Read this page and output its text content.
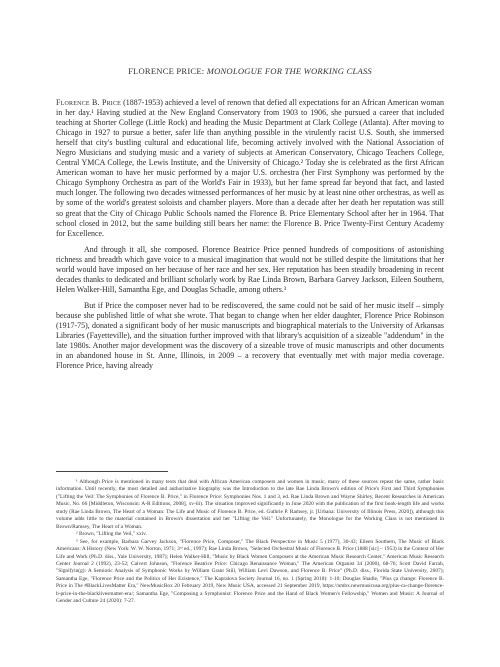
FLORENCE PRICE: MONOLOGUE FOR THE WORKING CLASS

Florence B. Price (1887-1953) achieved a level of renown that defied all expectations for an African American woman in her day.¹ Having studied at the New England Conservatory from 1903 to 1906, she pursued a career that included teaching at Shorter College (Little Rock) and heading the Music Department at Clark College (Atlanta). After moving to Chicago in 1927 to pursue a better, safer life than anything possible in the virulently racist U.S. South, she immersed herself that city's bustling cultural and educational life, becoming actively involved with the National Association of Negro Musicians and studying music and a variety of subjects at American Conservatory, Chicago Teachers College, Central YMCA College, the Lewis Institute, and the University of Chicago.² Today she is celebrated as the first African American woman to have her music performed by a major U.S. orchestra (her First Symphony was performed by the Chicago Symphony Orchestra as part of the World's Fair in 1933), but her fame spread far beyond that fact, and lasted much longer. The following two decades witnessed performances of her music by at least nine other orchestras, as well as by some of the world's greatest soloists and chamber players. More than a decade after her death her reputation was still so great that the City of Chicago Public Schools named the Florence B. Price Elementary School after her in 1964. That school closed in 2012, but the same building still bears her name: the Florence B. Price Twenty-First Century Academy for Excellence.

And through it all, she composed. Florence Beatrice Price penned hundreds of compositions of astonishing richness and breadth which gave voice to a musical imagination that would not be stilled despite the limitations that her world would have imposed on her because of her race and her sex. Her reputation has been steadily broadening in recent decades thanks to dedicated and brilliant scholarly work by Rae Linda Brown, Barbara Garvey Jackson, Eileen Southern, Helen Walker-Hill, Samantha Ege, and Douglas Schadle, among others.³

But if Price the composer never had to be rediscovered, the same could not be said of her music itself – simply because she published little of what she wrote. That began to change when her elder daughter, Florence Price Robinson (1917-75), donated a significant body of her music manuscripts and biographical materials to the University of Arkansas Libraries (Fayetteville), and the situation further improved with that library's acquisition of a sizeable "addendum" in the late 1980s. Another major development was the discovery of a sizeable trove of music manuscripts and other documents in an abandoned house in St. Anne, Illinois, in 2009 – a recovery that eventually met with major media coverage. Florence Price, having already

¹ Although Price is mentioned in many texts that deal with African American composers and women in music, many of these sources repeat the same, rather basic information. Until recently, the most detailed and authoritative biography was the Introduction to the late Rae Linda Brown's edition of Price's First and Third Symphonies ("Lifting the Veil: The Symphonies of Florence B. Price," in Florence Price: Symphonies Nos. 1 and 3, ed. Rae Linda Brown and Wayne Shirley, Recent Researches in American Music, No. 66 [Middleton, Wisconsin: A-R Editions, 2008], xv-lii). The situation improved significantly in June 2020 with the publication of the first book-length life and works study (Rae Linda Brown, The Heart of a Woman: The Life and Music of Florence B. Price, ed. Guthrie P. Ramsey, jr. [Urbana: University of Illinois Press, 2020]), although this volume adds little to the material contained in Brown's dissertation and her "Lifting the Veil." Unfortunately, the Monologue for the Working Class is not mentioned in Brown/Ramsey, The Heart of a Woman.

² Brown, "Lifting the Veil," xxiv.

³ See, for example, Barbara Garvey Jackson, "Florence Price, Composer," The Black Perspective in Music 5 (1977), 30-43; Eileen Southern, The Music of Black Americans: A History (New York: W. W. Norton, 1971; 3ʳᵈ ed., 1997); Rae Linda Brown, "Selected Orchestral Music of Florence B. Price (1888 [sic] – 1953) in the Context of Her Life and Work (Ph.D. diss., Yale University, 1987); Helen Walker-Hill, "Music by Black Women Composers at the American Music Research Center," American Music Research Center Journal 2 (1992), 23-52; Calvert Johnson, "Florence Beatrice Price: Chicago Renaissance Woman," The American Organist 34 (2000), 68-76; Scott David Farrah, "Signifyin(g): A Semiotic Analysis of Symphonic Works by William Grant Still, William Levi Dawson, and Florence B. Price" (Ph.D. diss., Florida State University, 2007); Samantha Ege, "Florence Price and the Politics of Her Existence," The Kapralova Society Journal 16, no. 1 (Spring 2018): 1-10; Douglas Shadle, "Plus ça change: Florence B. Price in The #BlackLivesMatter Era," NewMusicBox 20 February 2019, New Music USA, accessed 21 September 2019, https://nmbx.newmusicusa.org/plus-ca-change-florence-b-price-in-the-blacklivesmatter-era/; Samantha Ege, "Composing a Symphonist: Florence Price and the Hand of Black Women's Fellowship," Women and Music: A Journal of Gender and Culture 24 (2020): 7-27.
